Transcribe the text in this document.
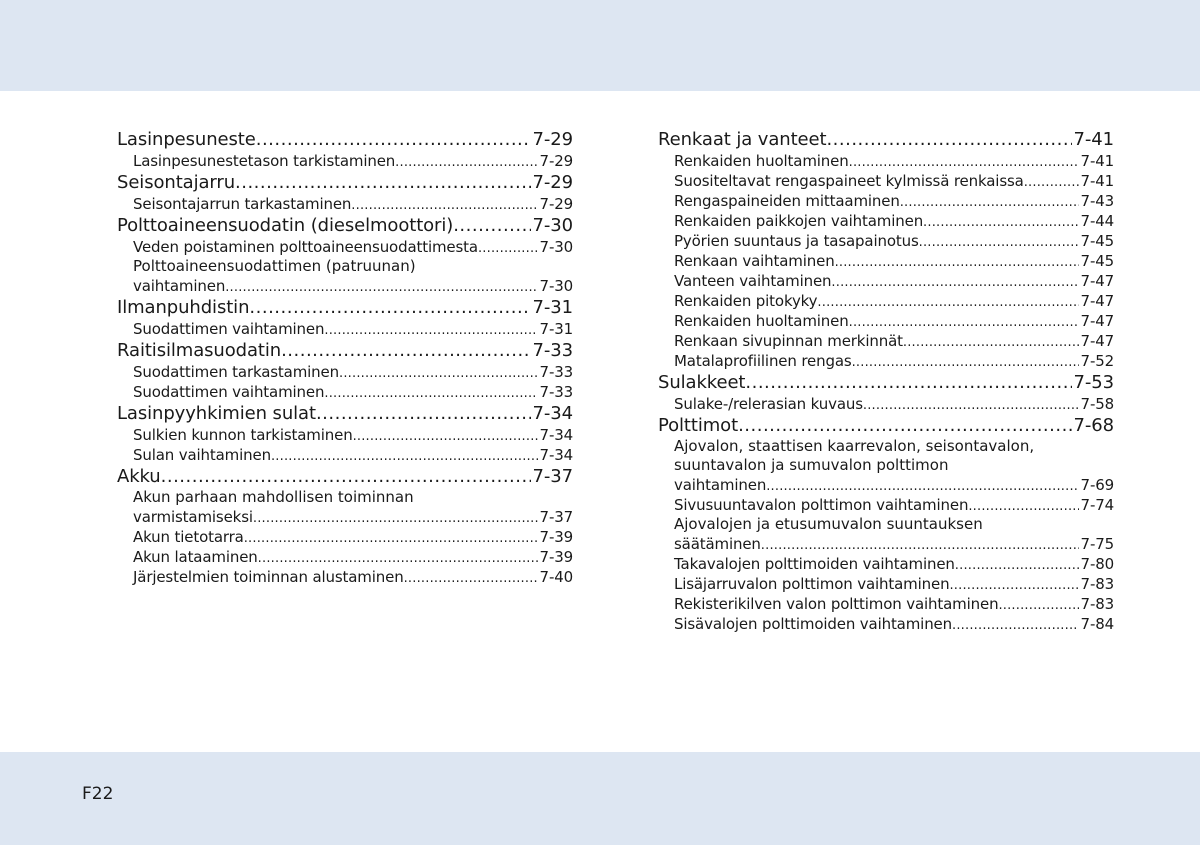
Lasinpesuneste .....	7-29
Lasinpesunestetason tarkistaminen .....	7-29
Seisontajarru .....	7-29
Seisontajarrun tarkastaminen .....	7-29
Polttoaineensuodatin (dieselmoottori) .....	7-30
Veden poistaminen polttoaineensuodattimesta .....	7-30
Polttoaineensuodattimen (patruunan)
vaihtaminen .....	7-30
Ilmanpuhdistin .....	7-31
Suodattimen vaihtaminen .....	7-31
Raitisilmasuodatin .....	7-33
Suodattimen tarkastaminen .....	7-33
Suodattimen vaihtaminen .....	7-33
Lasinpyyhkimien sulat .....	7-34
Sulkien kunnon tarkistaminen .....	7-34
Sulan vaihtaminen .....	7-34
Akku .....	7-37
Akun parhaan mahdollisen toiminnan
varmistamiseksi .....	7-37
Akun tietotarra .....	7-39
Akun lataaminen .....	7-39
Järjestelmien toiminnan alustaminen .....	7-40
Renkaat ja vanteet .....	7-41
Renkaiden huoltaminen .....	7-41
Suositeltavat rengaspaineet kylmissä renkaissa .....	7-41
Rengaspaineiden mittaaminen .....	7-43
Renkaiden paikkojen vaihtaminen .....	7-44
Pyörien suuntaus ja tasapainotus .....	7-45
Renkaan vaihtaminen .....	7-45
Vanteen vaihtaminen .....	7-47
Renkaiden pitokyky .....	7-47
Renkaiden huoltaminen .....	7-47
Renkaan sivupinnan merkinnät .....	7-47
Matalaprofiilinen rengas .....	7-52
Sulakkeet .....	7-53
Sulake-/relerasian kuvaus .....	7-58
Polttimot .....	7-68
Ajovalon, staattisen kaarrevalon, seisontavalon,
suuntavalon ja sumuvalon polttimon
vaihtaminen .....	7-69
Sivusuuntavalon polttimon vaihtaminen .....	7-74
Ajovalojen ja etusumuvalon suuntauksen
säätäminen .....	7-75
Takavalojen polttimoiden vaihtaminen .....	7-80
Lisäjarruvalon polttimon vaihtaminen .....	7-83
Rekisterikilven valon polttimon vaihtaminen .....	7-83
Sisävalojen polttimoiden vaihtaminen .....	7-84
F22
